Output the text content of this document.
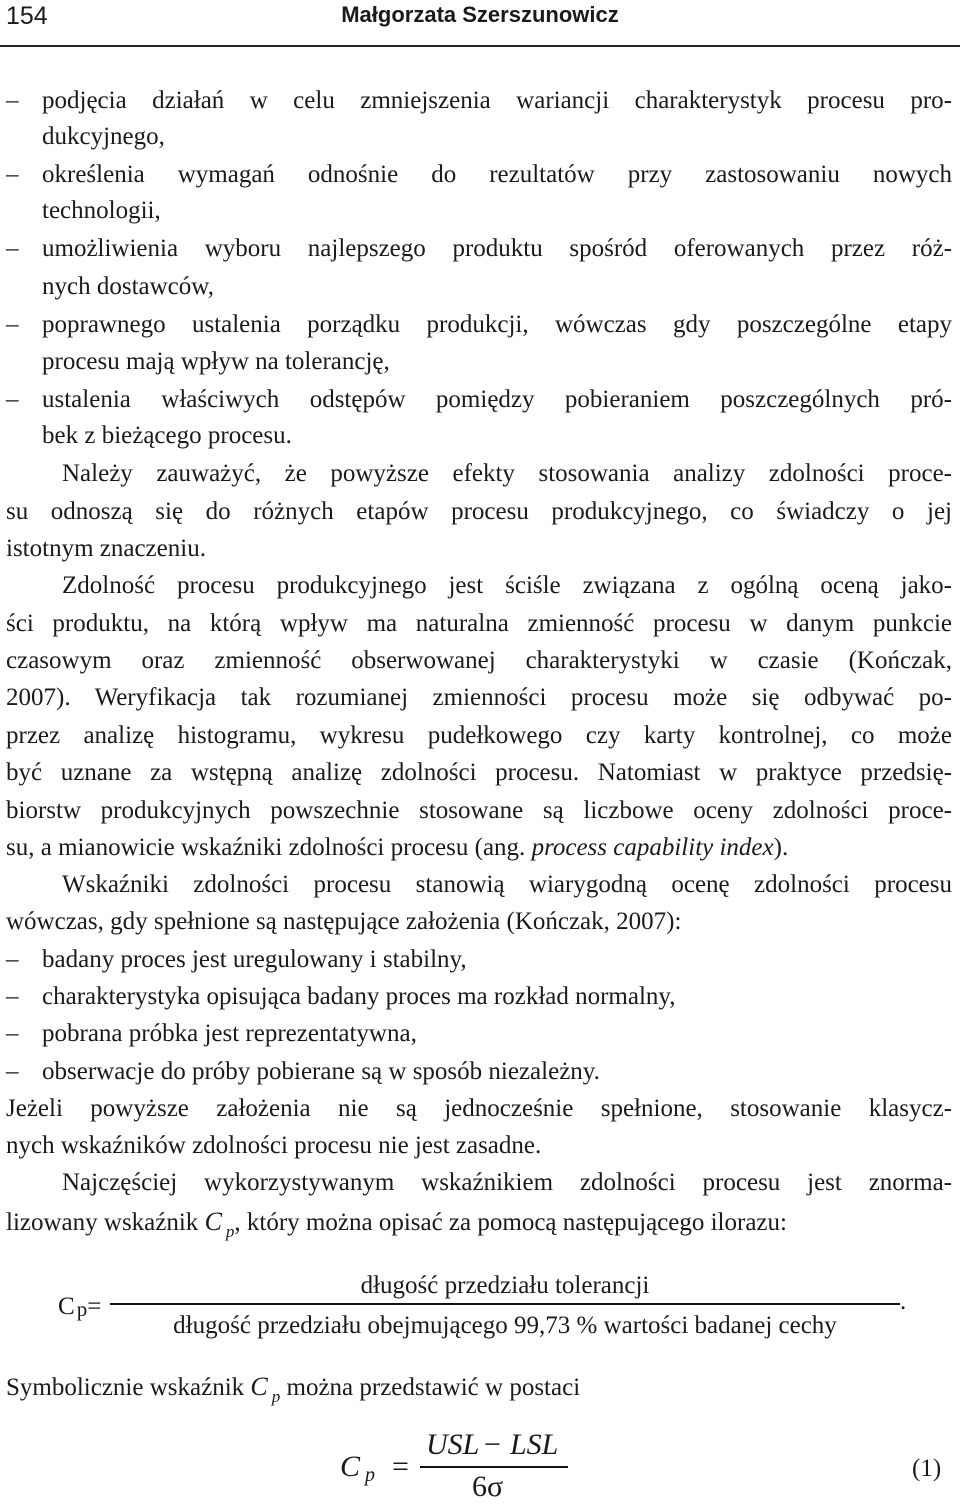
154	Małgorzata Szerszunowicz
– podjęcia działań w celu zmniejszenia wariancji charakterystyk procesu pro-
dukcyjnego,
– określenia wymagań odnośnie do rezultatów przy zastosowaniu nowych
technologii,
– umożliwienia wyboru najlepszego produktu spośród oferowanych przez róż-
nych dostawców,
– poprawnego ustalenia porządku produkcji, wówczas gdy poszczególne etapy
procesu mają wpływ na tolerancję,
– ustalenia właściwych odstępów pomiędzy pobieraniem poszczególnych pró-
bek z bieżącego procesu.
Należy zauważyć, że powyższe efekty stosowania analizy zdolności proce-
su odnoszą się do różnych etapów procesu produkcyjnego, co świadczy o jej
istotnym znaczeniu.
Zdolność procesu produkcyjnego jest ściśle związana z ogólną oceną jako-
ści produktu, na którą wpływ ma naturalna zmienność procesu w danym punkcie
czasowym oraz zmienność obserwowanej charakterystyki w czasie (Kończak,
2007). Weryfikacja tak rozumianej zmienności procesu może się odbywać po-
przez analizę histogramu, wykresu pudełkowego czy karty kontrolnej, co może
być uznane za wstępną analizę zdolności procesu. Natomiast w praktyce przedsię-
biorstw produkcyjnych powszechnie stosowane są liczbowe oceny zdolności proce-
su, a mianowicie wskaźniki zdolności procesu (ang. process capability index).
Wskaźniki zdolności procesu stanowią wiarygodną ocenę zdolności procesu
wówczas, gdy spełnione są następujące założenia (Kończak, 2007):
– badany proces jest uregulowany i stabilny,
– charakterystyka opisująca badany proces ma rozkład normalny,
– pobrana próbka jest reprezentatywna,
– obserwacje do próby pobierane są w sposób niezależny.
Jeżeli powyższe założenia nie są jednocześnie spełnione, stosowanie klasycz-
nych wskaźników zdolności procesu nie jest zasadne.
Najczęściej wykorzystywanym wskaźnikiem zdolności procesu jest znorma-
lizowany wskaźnik C $_p$, który można opisać za pomocą następującego ilorazu:
Cp=
długość przedziału tolerancji
długość przedziału obejmującego 99,73 % wartości badanej cechy
.
Symbolicznie wskaźnik C $_p$ można przedstawić w postaci
C p =
USL − LSL
6σ
(1)
